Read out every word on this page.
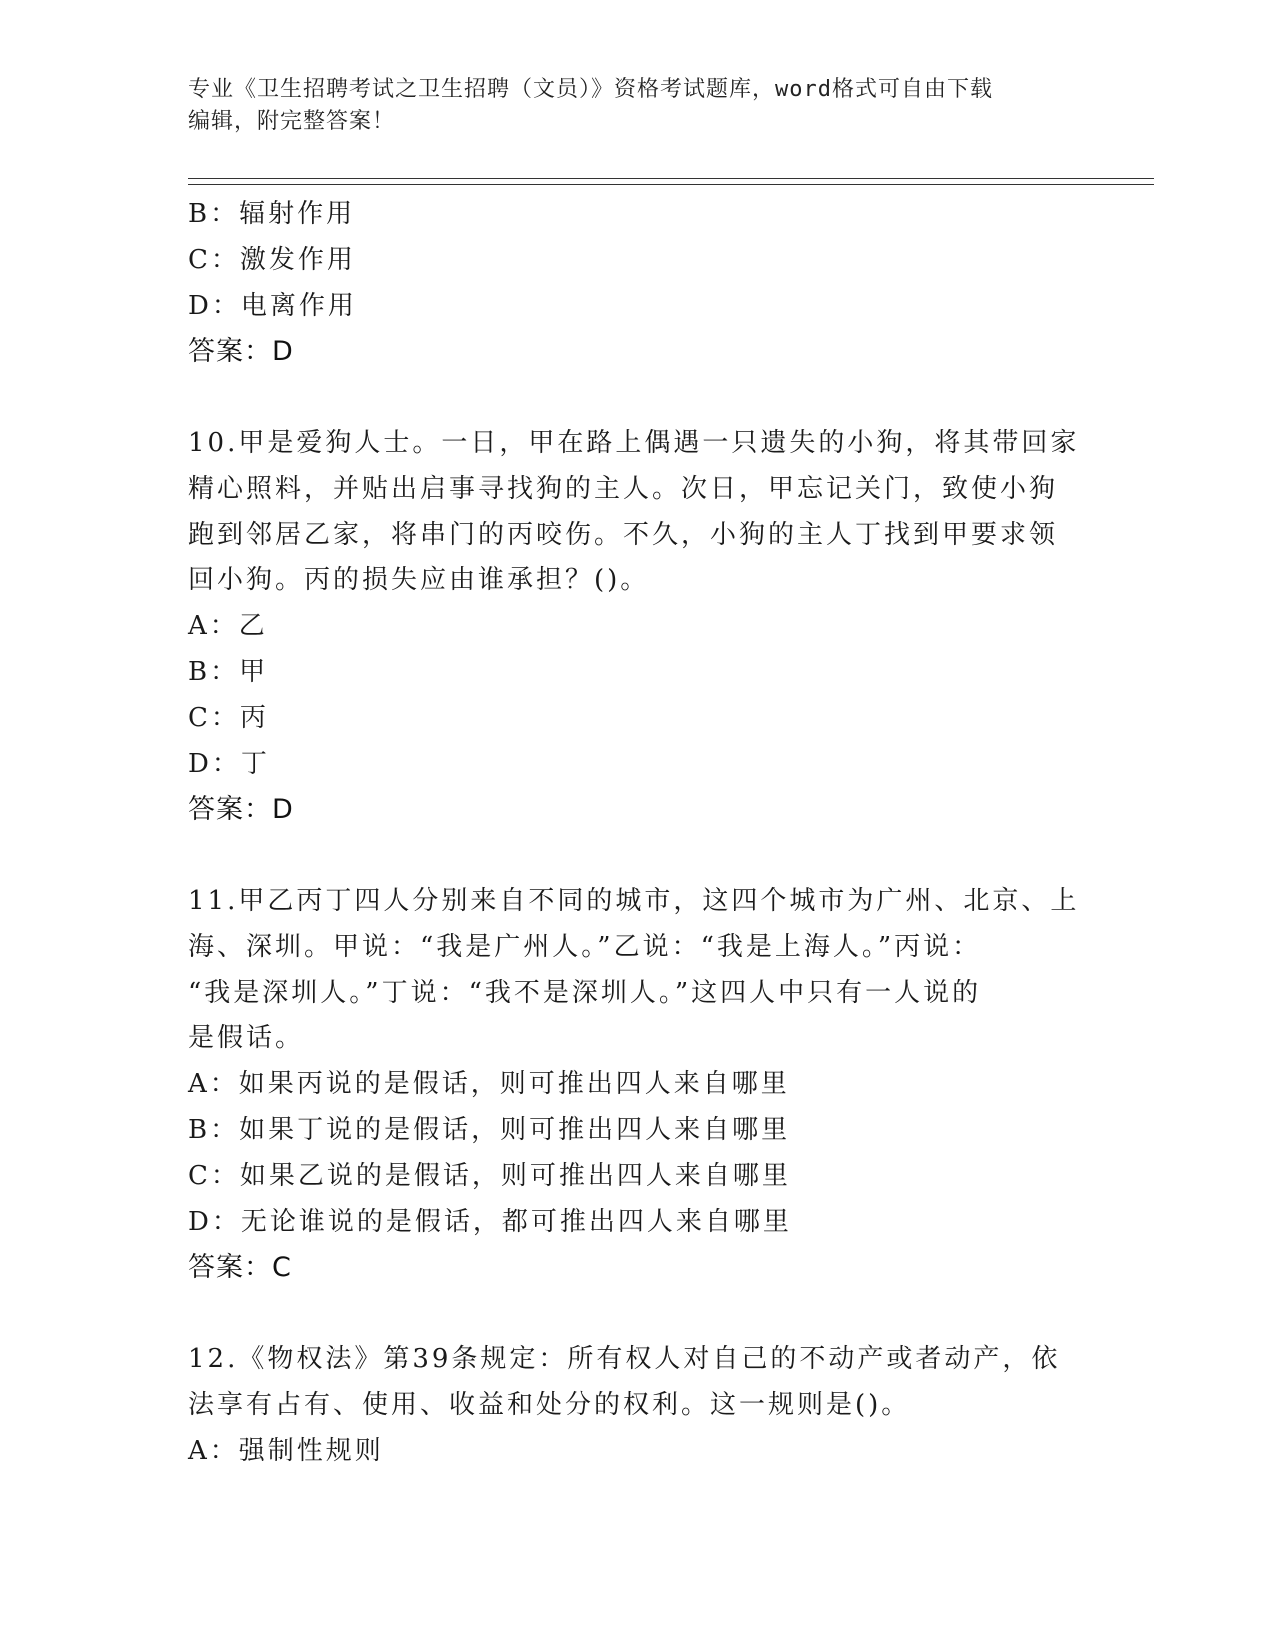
专业《卫生招聘考试之卫生招聘（文员）》资格考试题库，word格式可自由下载
编辑，附完整答案！
B：辐射作用
C：激发作用
D：电离作用
答案：D
10.甲是爱狗人士。一日，甲在路上偶遇一只遗失的小狗，将其带回家
精心照料，并贴出启事寻找狗的主人。次日，甲忘记关门，致使小狗
跑到邻居乙家，将串门的丙咬伤。不久，小狗的主人丁找到甲要求领
回小狗。丙的损失应由谁承担？()。
A：乙
B：甲
C：丙
D：丁
答案：D
11.甲乙丙丁四人分别来自不同的城市，这四个城市为广州、北京、上
海、深圳。甲说：“我是广州人。”乙说：“我是上海人。”丙说：
“我是深圳人。”丁说：“我不是深圳人。”这四人中只有一人说的
是假话。
A：如果丙说的是假话，则可推出四人来自哪里
B：如果丁说的是假话，则可推出四人来自哪里
C：如果乙说的是假话，则可推出四人来自哪里
D：无论谁说的是假话，都可推出四人来自哪里
答案：C
12.《物权法》第39条规定：所有权人对自己的不动产或者动产，依
法享有占有、使用、收益和处分的权利。这一规则是()。
A：强制性规则
